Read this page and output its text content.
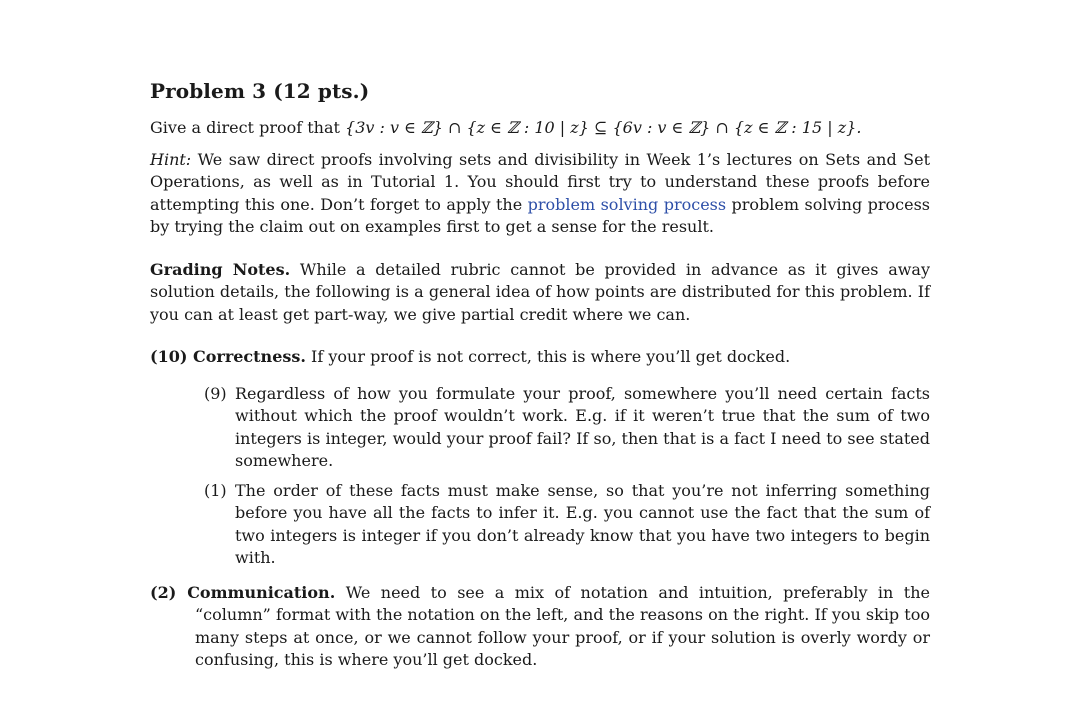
Problem 3 (12 pts.)

Give a direct proof that {3v : v ∈ ℤ} ∩ {z ∈ ℤ : 10 | z} ⊆ {6v : v ∈ ℤ} ∩ {z ∈ ℤ : 15 | z}.

Hint: We saw direct proofs involving sets and divisibility in Week 1’s lectures on Sets and Set Operations, as well as in Tutorial 1. You should first try to understand these proofs before attempting this one. Don’t forget to apply the problem solving process problem solving process by trying the claim out on examples first to get a sense for the result.

Grading Notes. While a detailed rubric cannot be provided in advance as it gives away solution details, the following is a general idea of how points are distributed for this problem. If you can at least get part-way, we give partial credit where we can.

(10) Correctness. If your proof is not correct, this is where you’ll get docked.
(9) Regardless of how you formulate your proof, somewhere you’ll need certain facts without which the proof wouldn’t work. E.g. if it weren’t true that the sum of two integers is integer, would your proof fail? If so, then that is a fact I need to see stated somewhere.
(1) The order of these facts must make sense, so that you’re not inferring something before you have all the facts to infer it. E.g. you cannot use the fact that the sum of two integers is integer if you don’t already know that you have two integers to begin with.
(2) Communication. We need to see a mix of notation and intuition, preferably in the “column” format with the notation on the left, and the reasons on the right. If you skip too many steps at once, or we cannot follow your proof, or if your solution is overly wordy or confusing, this is where you’ll get docked.
